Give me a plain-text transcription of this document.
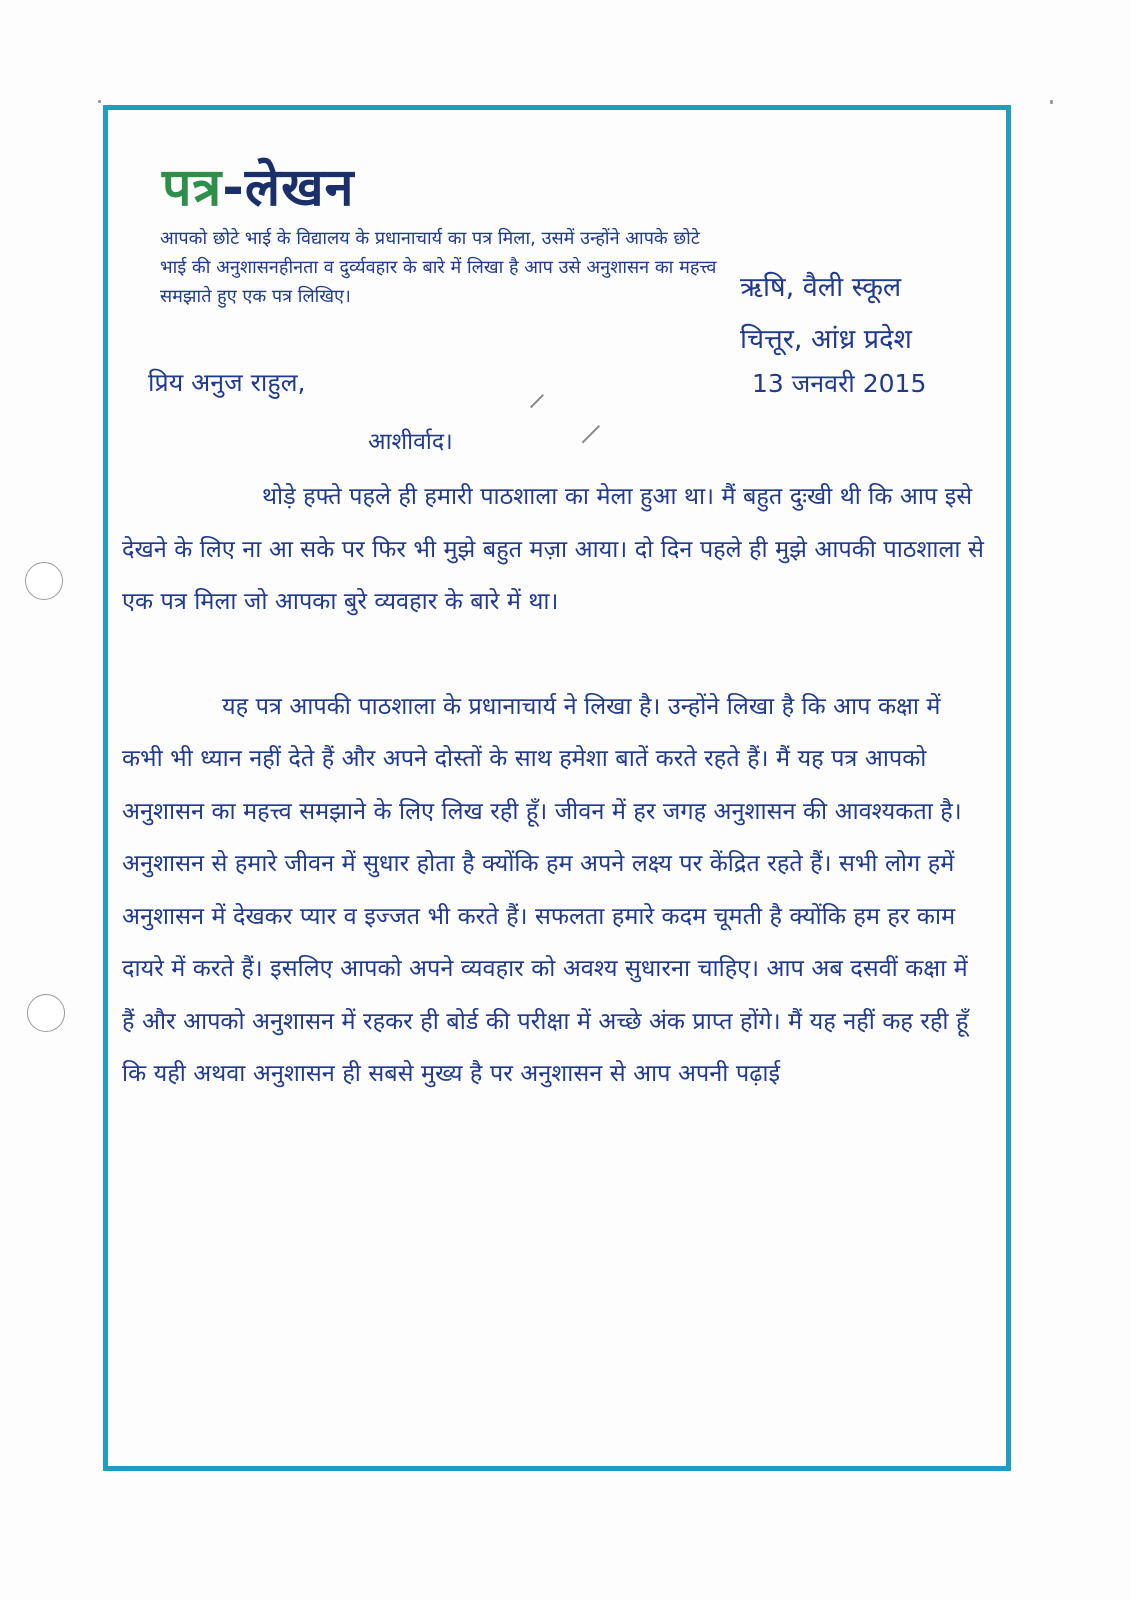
पत्र-लेखन
आपको छोटे भाई के विद्यालय के प्रधानाचार्य का पत्र मिला, उसमें उन्होंने आपके छोटे भाई की अनुशासनहीनता व दुर्व्यवहार के बारे में लिखा है आप उसे अनुशासन का महत्त्व समझाते हुए एक पत्र लिखिए।	ऋषि, वैली स्कूल
चित्तूर, आंध्र प्रदेश
13 जनवरी 2015
प्रिय अनुज राहुल,
आशीर्वाद।

थोड़े हफ्ते पहले ही हमारी पाठशाला का मेला हुआ था। मैं बहुत दुःखी थी कि आप इसे देखने के लिए ना आ सके पर फिर भी मुझे बहुत मज़ा आया। दो दिन पहले ही मुझे आपकी पाठशाला से एक पत्र मिला जो आपका बुरे व्यवहार के बारे में था।

यह पत्र आपकी पाठशाला के प्रधानाचार्य ने लिखा है। उन्होंने लिखा है कि आप कक्षा में कभी भी ध्यान नहीं देते हैं और अपने दोस्तों के साथ हमेशा बातें करते रहते हैं। मैं यह पत्र आपको अनुशासन का महत्त्व समझाने के लिए लिख रही हूँ। जीवन में हर जगह अनुशासन की आवश्यकता है। अनुशासन से हमारे जीवन में सुधार होता है क्योंकि हम अपने लक्ष्य पर केंद्रित रहते हैं। सभी लोग हमें अनुशासन में देखकर प्यार व इज्जत भी करते हैं। सफलता हमारे कदम चूमती है क्योंकि हम हर काम दायरे में करते हैं। इसलिए आपको अपने व्यवहार को अवश्य सुधारना चाहिए। आप अब दसवीं कक्षा में हैं और आपको अनुशासन में रहकर ही बोर्ड की परीक्षा में अच्छे अंक प्राप्त होंगे। मैं यह नहीं कह रही हूँ कि यही अथवा अनुशासन ही सबसे मुख्य है पर अनुशासन से आप अपनी पढ़ाई
